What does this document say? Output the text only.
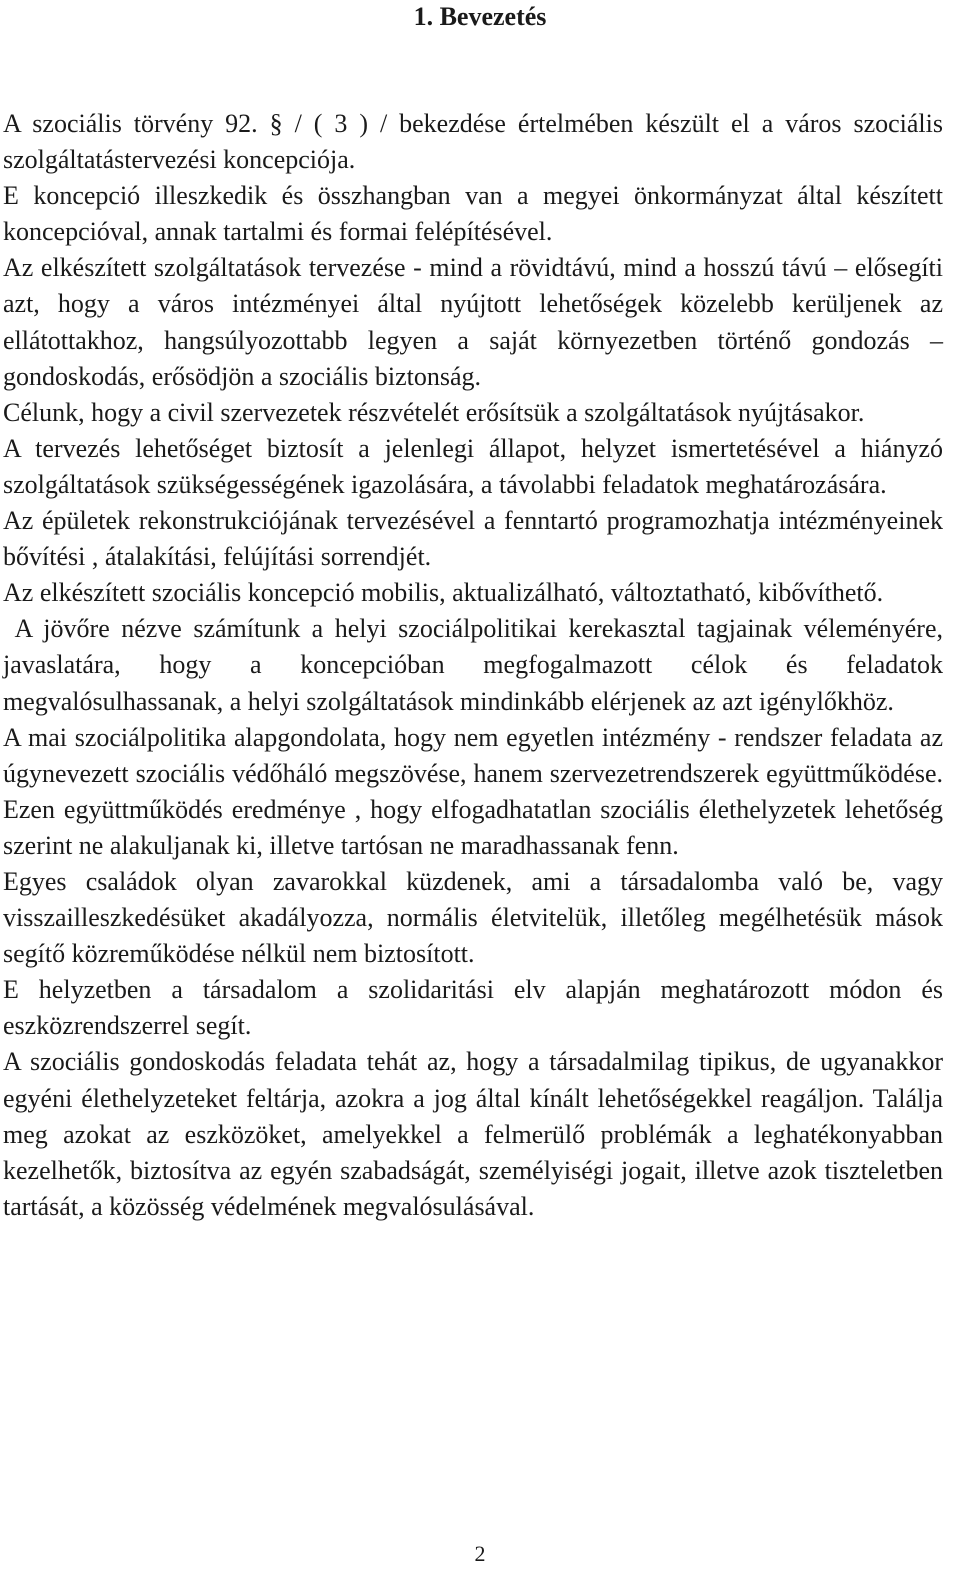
1. Bevezetés

A szociális törvény 92. § / ( 3 ) / bekezdése értelmében készült el a város szociális szolgáltatástervezési koncepciója.

E koncepció illeszkedik és összhangban van a megyei önkormányzat által készített koncepcióval, annak tartalmi és formai felépítésével.

Az elkészített szolgáltatások tervezése - mind a rövidtávú, mind a hosszú távú – elősegíti azt, hogy a város intézményei által nyújtott lehetőségek közelebb kerüljenek az ellátottakhoz, hangsúlyozottabb legyen a saját környezetben történő gondozás – gondoskodás, erősödjön a szociális biztonság.

Célunk, hogy a civil szervezetek részvételét erősítsük a szolgáltatások nyújtásakor.

A tervezés lehetőséget biztosít a jelenlegi állapot, helyzet ismertetésével a hiányzó szolgáltatások szükségességének igazolására, a távolabbi feladatok meghatározására.

Az épületek rekonstrukciójának tervezésével a fenntartó programozhatja intézményeinek bővítési , átalakítási, felújítási sorrendjét.

Az elkészített szociális koncepció mobilis, aktualizálható, változtatható, kibővíthető.

A jövőre nézve számítunk a helyi szociálpolitikai kerekasztal tagjainak véleményére, javaslatára, hogy a koncepcióban megfogalmazott célok és feladatok megvalósulhassanak, a helyi szolgáltatások mindinkább elérjenek az azt igénylőkhöz.

A mai szociálpolitika alapgondolata, hogy nem egyetlen intézmény - rendszer feladata az úgynevezett szociális védőháló megszövése, hanem szervezetrendszerek együttműködése. Ezen együttműködés eredménye , hogy elfogadhatatlan szociális élethelyzetek lehetőség szerint ne alakuljanak ki, illetve tartósan ne maradhassanak fenn.

Egyes családok olyan zavarokkal küzdenek, ami a társadalomba való be, vagy visszailleszkedésüket akadályozza, normális életvitelük, illetőleg megélhetésük mások segítő közreműködése nélkül nem biztosított.

E helyzetben a társadalom a szolidaritási elv alapján meghatározott módon és eszközrendszerrel segít.

A szociális gondoskodás feladata tehát az, hogy a társadalmilag tipikus, de ugyanakkor egyéni élethelyzeteket feltárja, azokra a jog által kínált lehetőségekkel reagáljon. Találja meg azokat az eszközöket, amelyekkel a felmerülő problémák a leghatékonyabban kezelhetők, biztosítva az egyén szabadságát, személyiségi jogait, illetve azok tiszteletben tartását, a közösség védelmének megvalósulásával.

2
